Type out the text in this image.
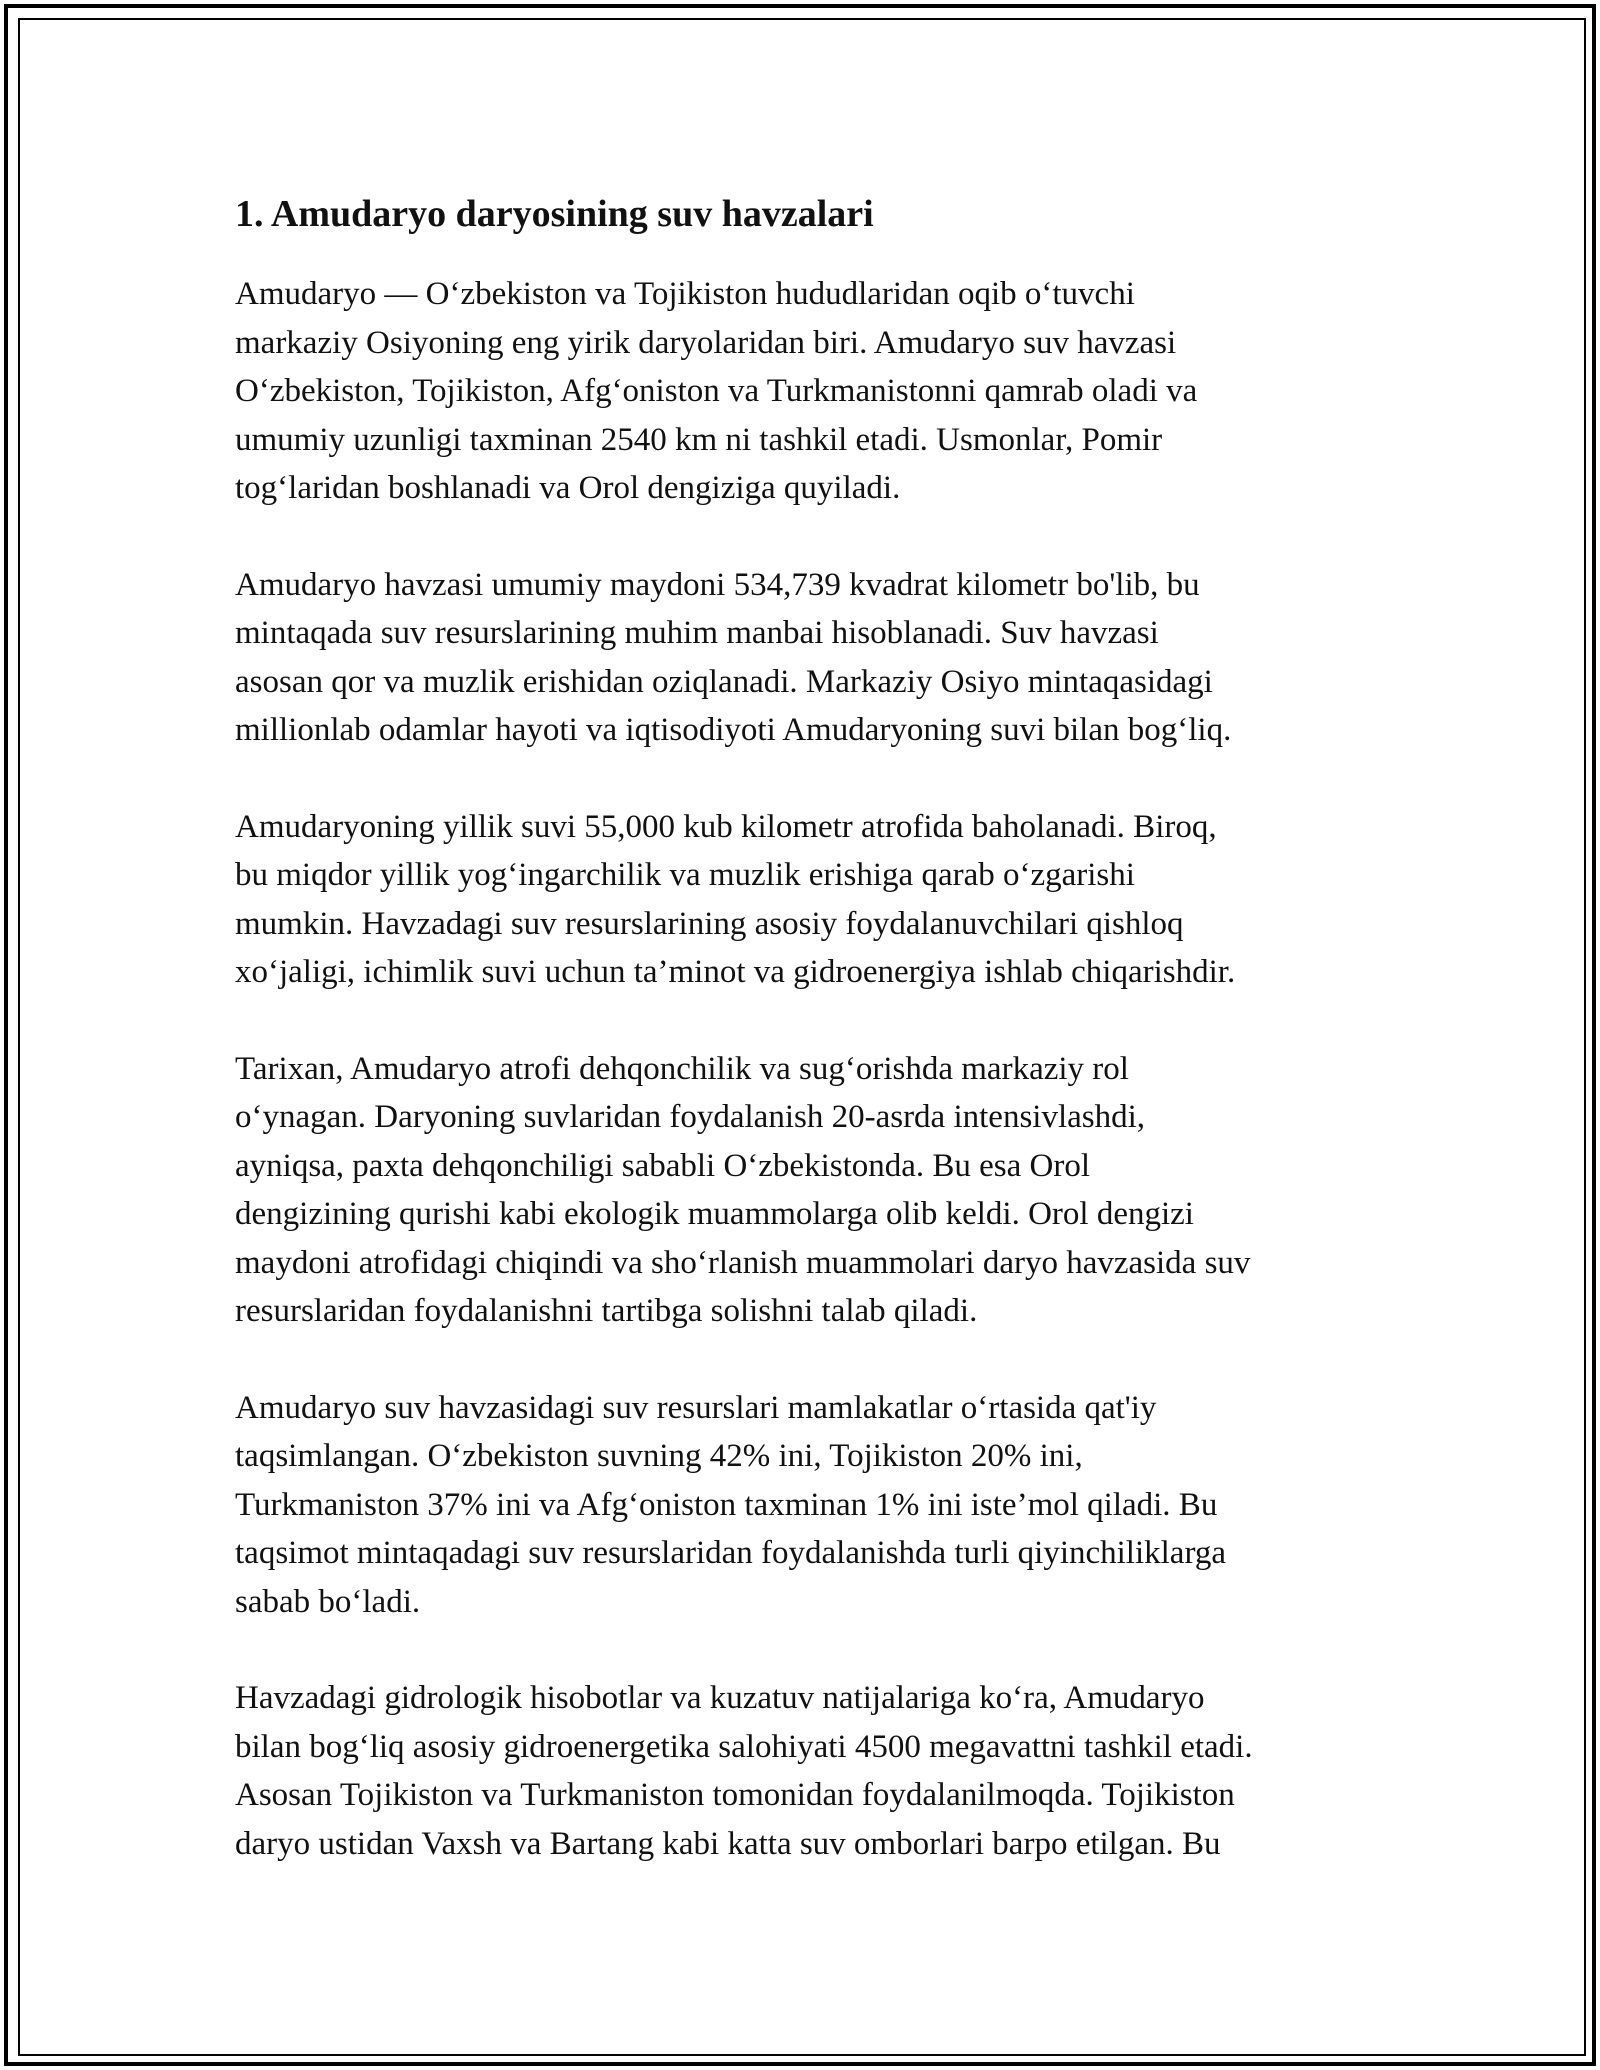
1. Amudaryo daryosining suv havzalari

Amudaryo — O‘zbekiston va Tojikiston hududlaridan oqib o‘tuvchi
markaziy Osiyoning eng yirik daryolaridan biri. Amudaryo suv havzasi
O‘zbekiston, Tojikiston, Afg‘oniston va Turkmanistonni qamrab oladi va
umumiy uzunligi taxminan 2540 km ni tashkil etadi. Usmonlar, Pomir
tog‘laridan boshlanadi va Orol dengiziga quyiladi.

Amudaryo havzasi umumiy maydoni 534,739 kvadrat kilometr bo'lib, bu
mintaqada suv resurslarining muhim manbai hisoblanadi. Suv havzasi
asosan qor va muzlik erishidan oziqlanadi. Markaziy Osiyo mintaqasidagi
millionlab odamlar hayoti va iqtisodiyoti Amudaryoning suvi bilan bog‘liq.

Amudaryoning yillik suvi 55,000 kub kilometr atrofida baholanadi. Biroq,
bu miqdor yillik yog‘ingarchilik va muzlik erishiga qarab o‘zgarishi
mumkin. Havzadagi suv resurslarining asosiy foydalanuvchilari qishloq
xo‘jaligi, ichimlik suvi uchun ta’minot va gidroenergiya ishlab chiqarishdir.

Tarixan, Amudaryo atrofi dehqonchilik va sug‘orishda markaziy rol
o‘ynagan. Daryoning suvlaridan foydalanish 20-asrda intensivlashdi,
ayniqsa, paxta dehqonchiligi sababli O‘zbekistonda. Bu esa Orol
dengizining qurishi kabi ekologik muammolarga olib keldi. Orol dengizi
maydoni atrofidagi chiqindi va sho‘rlanish muammolari daryo havzasida suv
resurslaridan foydalanishni tartibga solishni talab qiladi.

Amudaryo suv havzasidagi suv resurslari mamlakatlar o‘rtasida qat'iy
taqsimlangan. O‘zbekiston suvning 42% ini, Tojikiston 20% ini,
Turkmaniston 37% ini va Afg‘oniston taxminan 1% ini iste’mol qiladi. Bu
taqsimot mintaqadagi suv resurslaridan foydalanishda turli qiyinchiliklarga
sabab bo‘ladi.

Havzadagi gidrologik hisobotlar va kuzatuv natijalariga ko‘ra, Amudaryo
bilan bog‘liq asosiy gidroenergetika salohiyati 4500 megavattni tashkil etadi.
Asosan Tojikiston va Turkmaniston tomonidan foydalanilmoqda. Tojikiston
daryo ustidan Vaxsh va Bartang kabi katta suv omborlari barpo etilgan. Bu
